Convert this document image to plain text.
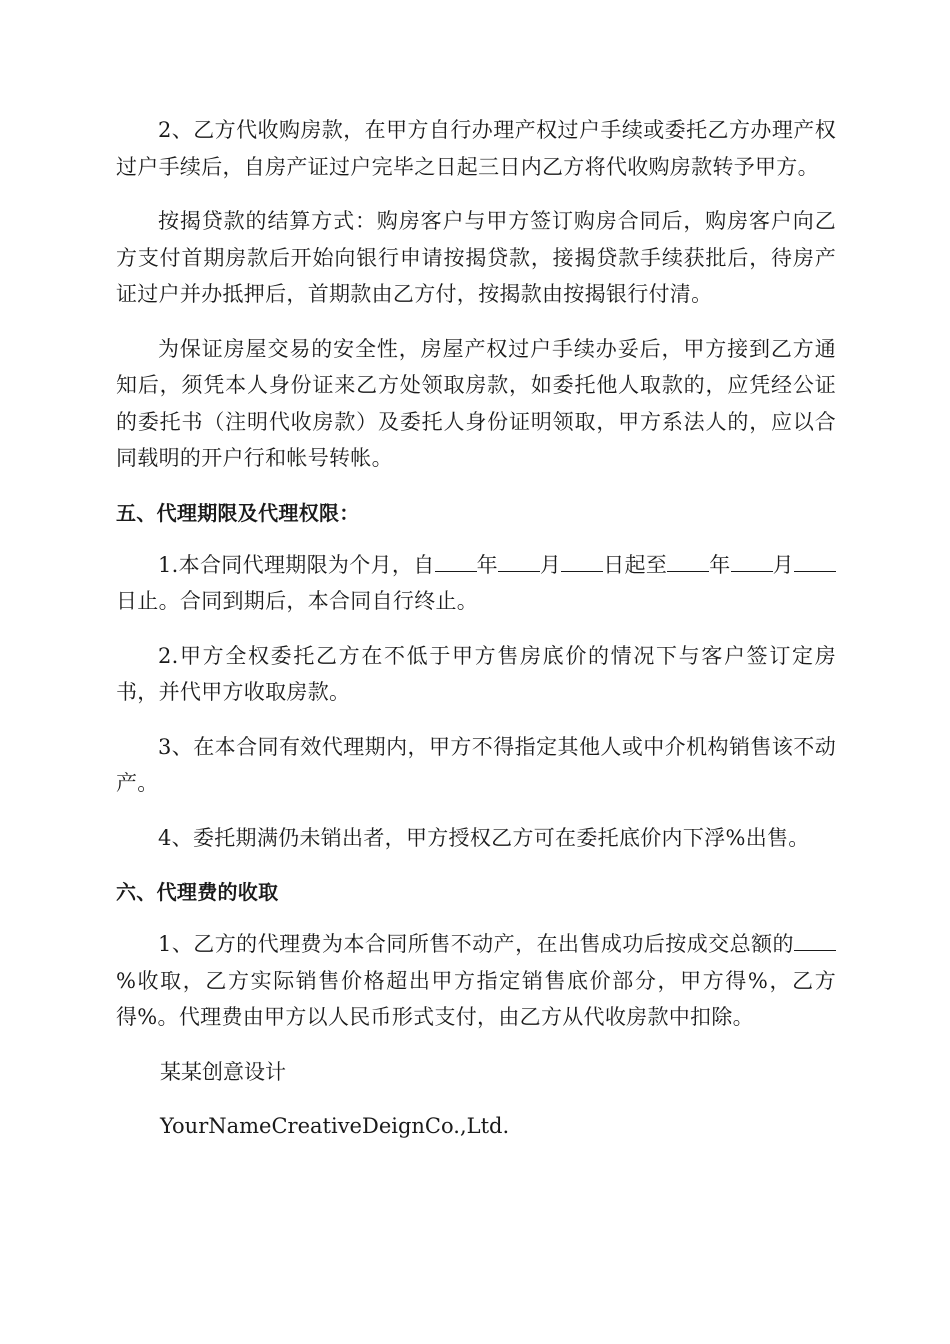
2、乙方代收购房款，在甲方自行办理产权过户手续或委托乙方办理产权过户手续后，自房产证过户完毕之日起三日内乙方将代收购房款转予甲方。

按揭贷款的结算方式：购房客户与甲方签订购房合同后，购房客户向乙方支付首期房款后开始向银行申请按揭贷款，接揭贷款手续获批后，待房产证过户并办抵押后，首期款由乙方付，按揭款由按揭银行付清。

为保证房屋交易的安全性，房屋产权过户手续办妥后，甲方接到乙方通知后，须凭本人身份证来乙方处领取房款，如委托他人取款的，应凭经公证的委托书（注明代收房款）及委托人身份证明领取，甲方系法人的，应以合同载明的开户行和帐号转帐。

五、代理期限及代理权限：

1.本合同代理期限为个月，自 年 月 日起至 年 月日止。合同到期后，本合同自行终止。

2.甲方全权委托乙方在不低于甲方售房底价的情况下与客户签订定房书，并代甲方收取房款。

3、在本合同有效代理期内，甲方不得指定其他人或中介机构销售该不动产。

4、委托期满仍未销出者，甲方授权乙方可在委托底价内下浮%出售。

六、代理费的收取

1、乙方的代理费为本合同所售不动产，在出售成功后按成交总额的%收取，乙方实际销售价格超出甲方指定销售底价部分，甲方得%，乙方得%。代理费由甲方以人民币形式支付，由乙方从代收房款中扣除。

某某创意设计
YourNameCreativeDeignCo.,Ltd.
